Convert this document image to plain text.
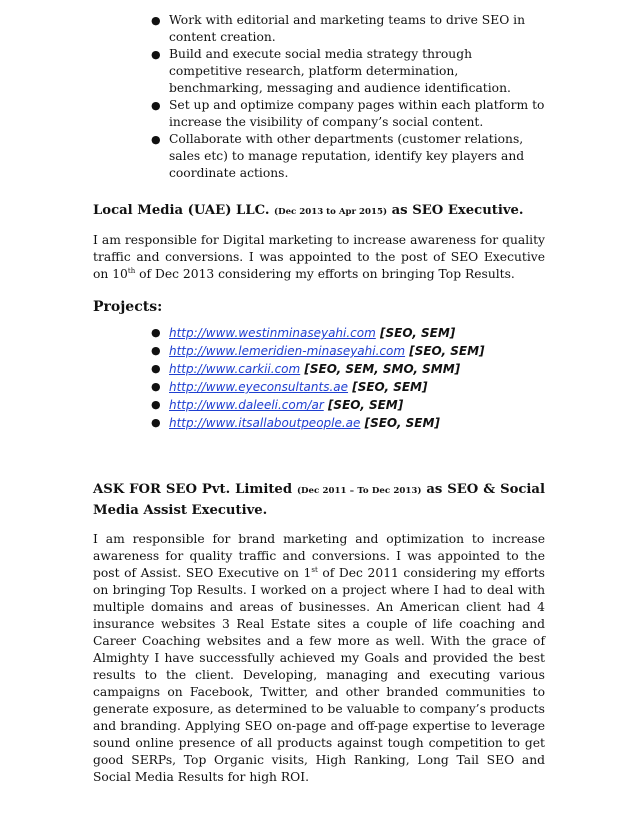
● Work with editorial and marketing teams to drive SEO in content creation.
● Build and execute social media strategy through competitive research, platform determination, benchmarking, messaging and audience identification.
● Set up and optimize company pages within each platform to increase the visibility of company’s social content.
● Collaborate with other departments (customer relations, sales etc) to manage reputation, identify key players and coordinate actions.
Local Media (UAE) LLC. (Dec 2013 to Apr 2015) as SEO Executive.

I am responsible for Digital marketing to increase awareness for quality traffic and conversions. I was appointed to the post of SEO Executive on 10th of Dec 2013 considering my efforts on bringing Top Results.

Projects:
● http://www.westinminaseyahi.com [SEO, SEM]
● http://www.lemeridien-minaseyahi.com [SEO, SEM]
● http://www.carkii.com [SEO, SEM, SMO, SMM]
● http://www.eyeconsultants.ae [SEO, SEM]
● http://www.daleeli.com/ar [SEO, SEM]
● http://www.itsallaboutpeople.ae [SEO, SEM]
ASK FOR SEO Pvt. Limited (Dec 2011 – To Dec 2013) as SEO & Social Media Assist Executive.

I am responsible for brand marketing and optimization to increase awareness for quality traffic and conversions. I was appointed to the post of Assist. SEO Executive on 1st of Dec 2011 considering my efforts on bringing Top Results. I worked on a project where I had to deal with multiple domains and areas of businesses. An American client had 4 insurance websites 3 Real Estate sites a couple of life coaching and Career Coaching websites and a few more as well. With the grace of Almighty I have successfully achieved my Goals and provided the best results to the client. Developing, managing and executing various campaigns on Facebook, Twitter, and other branded communities to generate exposure, as determined to be valuable to company’s products and branding. Applying SEO on-page and off-page expertise to leverage sound online presence of all products against tough competition to get good SERPs, Top Organic visits, High Ranking, Long Tail SEO and Social Media Results for high ROI.
